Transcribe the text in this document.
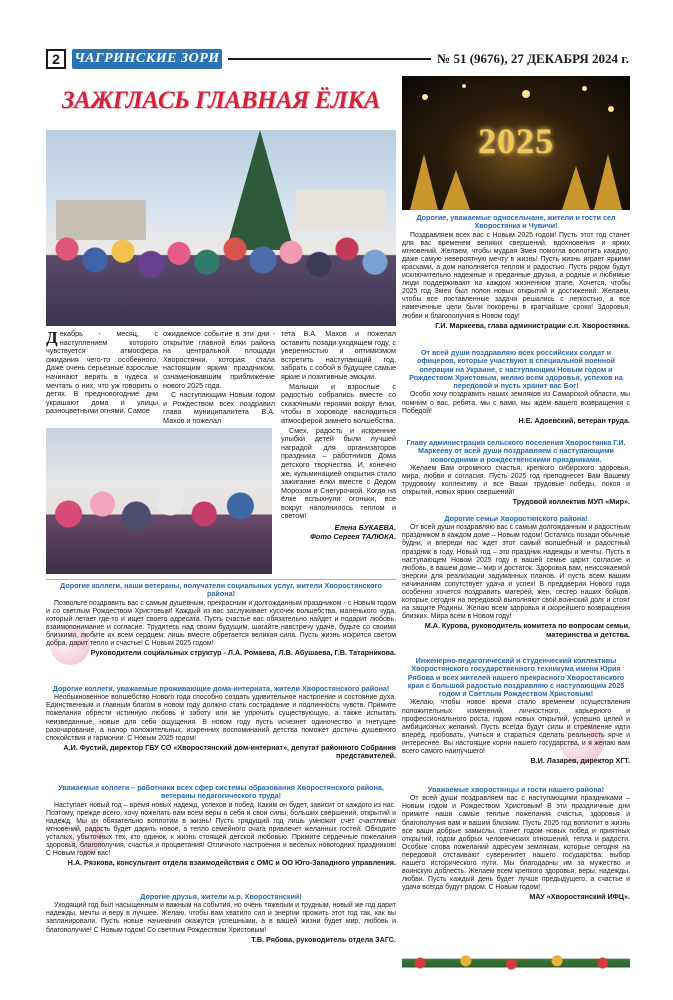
2	ЧАГРИНСКИЕ ЗОРИ	№ 51 (9676), 27 ДЕКАБРЯ 2024 г.
ЗАЖГЛАСЬ ГЛАВНАЯ ЁЛКА
Декабрь - месяц, с наступлением которого чувствуется атмосфера ожидания чего-то особенного. Даже очень серьезные взрослые начинают верить в чудеса и мечтать о них, что уж говорить о детях. В предновогодние дни украшают дома и улицы разноцветными огнями. Самое

ожидаемое событие в эти дни - открытие главной ёлки района на центральной площади Хворостянки, которая стала настоящим ярким праздником, ознаменовавшим приближение нового 2025 года.

С наступающим Новым годом и Рождеством всех поздравил глава муниципалитета В.А. Махов и пожелал

тета В.А. Махов и пожелал оставить позади уходящем году, с уверенностью и оптимизмом встретить наступающий год, забрать с собой в будущее самые яркие и позитивные эмоции.

Малыши и взрослые с радостью собрались вместе со сказочными героями вокруг ёлки, чтобы в хороводе насладиться атмосферой зимнего волшебства.

Смех, радость и искренние улыбки детей были лучшей наградой для организаторов праздника – работников Дома детского творчества. И, конечно же, кульминацией открытия стало зажигание ёлки вместе с Дедом Морозом и Снегурочкой. Когда на ёлке вспыхнули огоньки, все вокруг наполнилось теплом и светом!

Елена БУКАЕВА.
Фото Сергея ТАЛЮКА.
Дорогие коллеги, наши ветераны, получатели социальных услуг, жители Хворостянского района!
Позвольте поздравить вас с самым душевным, прекрасным и долгожданным праздником - с Новым годом и со светлым Рождеством Христовым! Каждый из вас заслуживает кусочек волшебства, маленького чуда, который летает где-то и ищет своего адресата. Пусть счастье вас обязательно найдет и подарит любовь, взаимопонимание и согласие. Трудитесь над своим будущим, шагайте навстречу удаче, будьте со своими близкими, любите их всем сердцем: лишь вместе обретается великая сила. Пусть жизнь искрится светом добра, дарит тепло и счастье! С Новым 2025 годом!
Руководители социальных структур - Л.А. Ромаева, Л.В. Абушаева, Г.В. Татарникова.
Дорогие коллеги, уважаемые проживающие дома-интерната, жители Хворостянского района!
Необыкновенное волшебство Нового года способно создать удивительное настроение и состояние духа. Единственным и главным благом в новом году должно стать сострадание и подлинность чувств. Примите пожелания обрести истинную любовь и заботу или же упрочить существующую, а также испытать неизведанные, новые для себя ощущения. В новом году пусть исчезнет одиночество и гнетущее разочарование, а налор положительных, искренних воспоминаний детства поможет достичь душевного спокойствия и гармонии. С Новым 2025 годом!
А.И. Фустий, директор ГБУ СО «Хворостянский дом-интернат», депутат районного Собрания представителей.
Уважаемые коллеги – работники всех сфер системы образования Хворостянского района, ветераны педагогического труда!
Наступает новый год – время новых надежд, успехов и побед. Каким он будет, зависит от каждого из нас. Поэтому, прежде всего, хочу пожелать вам всем веры в себя и свои силы, больших свершений, открытий и надежд. Мы их обязательно воплотим в жизнь! Пусть грядущий год лишь умножит счёт счастливых мгновений, радость будет дарить новое, а тепло семейного очага привлечет желанных гостей. Обходите усталых, убыточных тех, кто одинок, к жизнь стоящей детской любовью. Примите сердечные пожелания здоровья, благополучия, счастья и процветания! Отличного настроения и веселых новогодних праздников! С Новым годом вас!
Н.А. Рязкова, консультант отдела взаимодействия с ОМС и ОО Юго-Западного управления.
Дорогие друзья, жители м.р. Хворостянский!
Уходящий год был насыщенным и важным на события, но очень тяжелым и трудным, новый же год дарит надежды, мечты и веру в лучшее. Желаю, чтобы вам хватило сил и энергии прожить этот год так, как вы запланировали. Пусть новые начинания окажутся успешными, а в вашей жизни будет мир, любовь и благополучие! С Новым годом! Со светлым Рождеством Христовым!
Т.В. Рябова, руководитель отдела ЗАГС.
2025
Дорогие, уважаемые односельчане, жители и гости сел Хворостянка и Чувичи!
Поздравляем всех вас с Новым 2025 годом! Пусть этот год станет для вас временем великих свершений, вдохновения и ярких мгновений. Желаем, чтобы мудрая Змея помогла воплотить каждую, даже самую невероятную мечту в жизнь! Пусть жизнь играет яркими красками, а дом наполняется теплом и радостью. Пусть рядом будут исключительно надежные и преданные друзья, а родные и любимые люди поддерживают на каждом жизненном этапе. Хочется, чтобы 2025 год Змеи был полон новых открытий и достижений. Желаем, чтобы все поставленные задачи решались с легкостью, а все намеченные цели были покорены в кратчайшие сроки! Здоровья, любви и благополучия в Новом году!
Г.И. Маркеева, глава администрации с.п. Хворостянка.
От всей души поздравляю всех российских солдат и офицеров, которые участвуют в специальной военной операции на Украине, с наступающим Новым годом и Рождеством Христовым, желаю всем здоровья, успехов на передовой и пусть хранит вас Бог!
Особо хочу поздравить наших земляков из Самарской области, мы помним о вас, ребята, мы с вами, мы ждем вашего возвращения с Победой!
Н.Е. Адоевский, ветеран труда.
Главу администрации сельского поселения Хворостянка Г.И. Маркееву от всей души поздравляем с наступающими новогодними и рождественскими праздниками.
Желаем Вам огромного счастья, крепкого сибирского здоровья, мира, любви и согласия. Пусть 2025 год преподнесет Вам Вашему трудовому коллективу и все Ваши трудовые победы, покоя и открытий, новых ярких свершений!
Трудовой коллектив МУП «Мир».
Дорогие семьи Хворостянского района!
От всей души поздравляю вас с самым долгожданным и радостным праздником в каждом доме – Новым годом! Остались позади обычные будни, и впереди нас ждет этот самый волшебный и радостный праздник в году. Новый год – это праздник надежды и мечты. Пусть в наступающем Новом 2025 году в вашей семье царит согласие и любовь, в вашем доме – мир и достаток. Здоровья вам, неиссякаемой энергии для реализации задуманных планов. И пусть всем вашим начинаниям сопутствует удача и успех! В преддверии Нового года особенно хочется поздравить матерей, жен, сестер наших бойцов, которые сегодня на передовой выполняют свой воинский долг и стоят на защите Родины. Желаю всем здоровья и скорейшего возвращения близких. Мира всем в Новом году!
М.А. Курова, руководитель комитета по вопросам семьи, материнства и детства.
Инженерно-педагогический и студенческий коллективы Хворостянского государственного техникума имени Юрия Рябова и всех жителей нашего прекрасного Хворостянского края с большой радостью поздравляю с наступающим 2025 годом и Светлым Рождеством Христовым!
Желаю, чтобы новое время стало временем осуществления положительных изменений, личностного, карьерного и профессионального роста, годом новых открытий, успешно целей и амбициозных желаний. Пусть всегда будут силы и стремление идти вперёд, пробовать, учиться и стараться сделать реальность ярче и интереснее. Вы настоящие корни нашего государства, и я желаю вам всего самого наилучшего!
В.И. Лазарев, директор ХГТ.
Уважаемые хворостянцы и гости нашего района!
От всей души поздравляем вас с наступающими праздниками – Новым годом и Рождеством Христовым! В эти праздничные дни примите наши самые теплые пожелания счастья, здоровья и благополучия вам и вашим близким. Пусть 2025 год воплотит в жизнь все ваши добрые замыслы, станет годом новых побед и приятных открытий, годом добрых человеческих отношений, тепла и радости. Особые слова пожеланий адресуем землякам, которые сегодня на передовой отстаивают суверенитет нашего государства: выбор нашего исторического пути. Мы благодарны им за мужество и воинскую доблесть. Желаем всем крепкого здоровья, веры, надежды, любви. Пусть каждый день будет лучше предыдущего, а счастье и удача всегда будут рядом. С Новым годом!
МАУ «Хворостянский ИФЦ».
